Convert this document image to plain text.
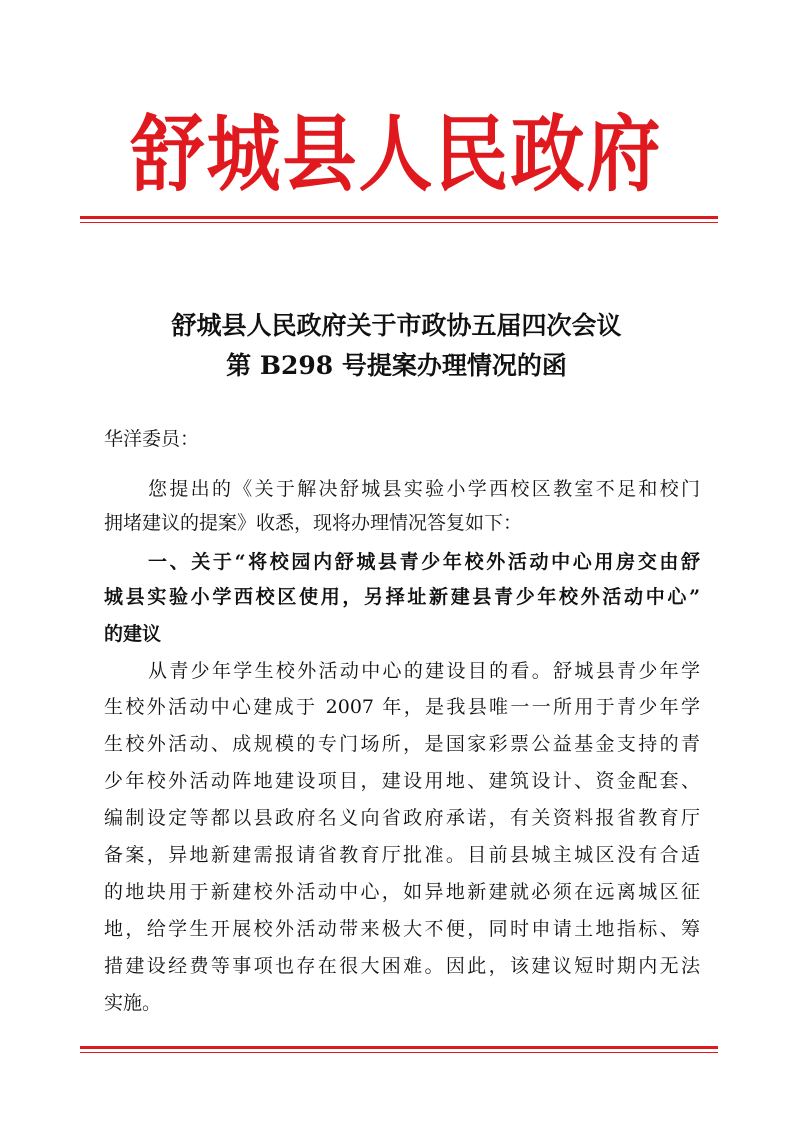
舒城县人民政府
舒城县人民政府关于市政协五届四次会议
第 B298 号提案办理情况的函
华洋委员：
您提出的《关于解决舒城县实验小学西校区教室不足和校门
拥堵建议的提案》收悉，现将办理情况答复如下：
一、关于“将校园内舒城县青少年校外活动中心用房交由舒
城县实验小学西校区使用，另择址新建县青少年校外活动中心”
的建议
从青少年学生校外活动中心的建设目的看。舒城县青少年学
生校外活动中心建成于 2007 年，是我县唯一一所用于青少年学
生校外活动、成规模的专门场所，是国家彩票公益基金支持的青
少年校外活动阵地建设项目，建设用地、建筑设计、资金配套、
编制设定等都以县政府名义向省政府承诺，有关资料报省教育厅
备案，异地新建需报请省教育厅批准。目前县城主城区没有合适
的地块用于新建校外活动中心，如异地新建就必须在远离城区征
地，给学生开展校外活动带来极大不便，同时申请土地指标、筹
措建设经费等事项也存在很大困难。因此，该建议短时期内无法
实施。
